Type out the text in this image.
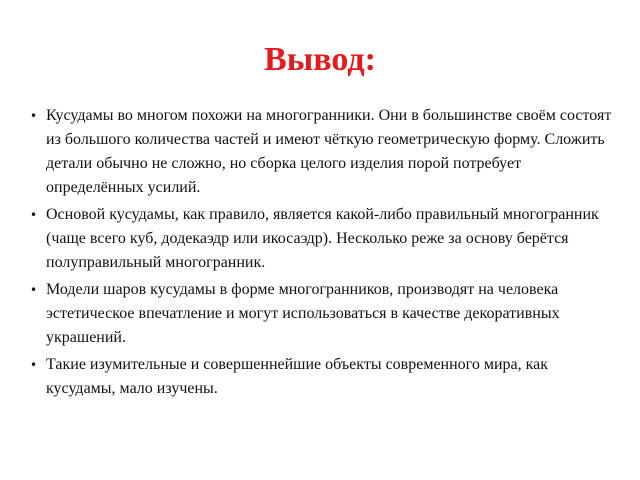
Вывод:
• Кусудамы во многом похожи на многогранники. Они в большинстве своём состоят из большого количества частей и имеют чёткую геометрическую форму. Сложить детали обычно не сложно, но сборка целого изделия порой потребует определённых усилий.
• Основой кусудамы, как правило, является какой-либо правильный многогранник (чаще всего куб, додекаэдр или икосаэдр). Несколько реже за основу берётся полуправильный многогранник.
• Модели шаров кусудамы в форме многогранников, производят на человека эстетическое впечатление и могут использоваться в качестве декоративных украшений.
• Такие изумительные и совершеннейшие объекты современного мира, как кусудамы, мало изучены.
